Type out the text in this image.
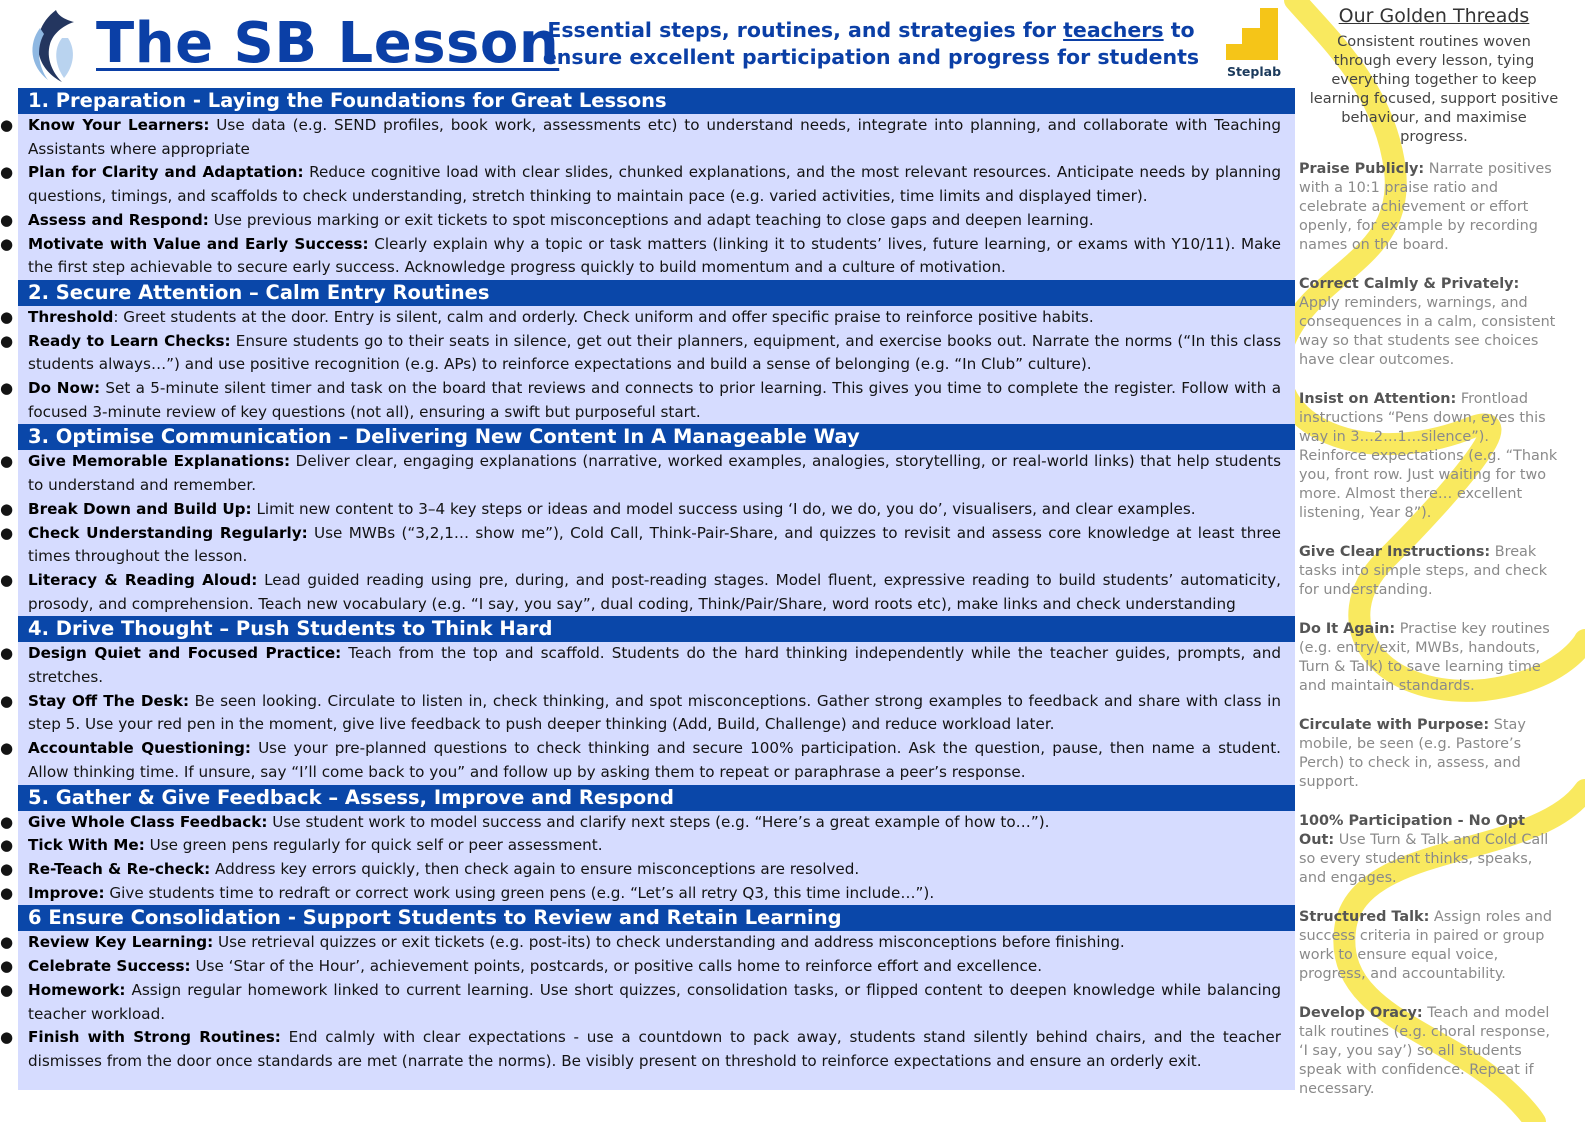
The SB Lesson
Essential steps, routines, and strategies for teachers to ensure excellent participation and progress for students
Steplab
1. Preparation - Laying the Foundations for Great Lessons
● Know Your Learners: Use data (e.g. SEND profiles, book work, assessments etc) to understand needs, integrate into planning, and collaborate with Teaching Assistants where appropriate
● Plan for Clarity and Adaptation: Reduce cognitive load with clear slides, chunked explanations, and the most relevant resources. Anticipate needs by planning questions, timings, and scaffolds to check understanding, stretch thinking to maintain pace (e.g. varied activities, time limits and displayed timer).
● Assess and Respond: Use previous marking or exit tickets to spot misconceptions and adapt teaching to close gaps and deepen learning.
● Motivate with Value and Early Success: Clearly explain why a topic or task matters (linking it to students’ lives, future learning, or exams with Y10/11). Make the first step achievable to secure early success. Acknowledge progress quickly to build momentum and a culture of motivation.
2. Secure Attention – Calm Entry Routines
● Threshold: Greet students at the door. Entry is silent, calm and orderly. Check uniform and offer specific praise to reinforce positive habits.
● Ready to Learn Checks: Ensure students go to their seats in silence, get out their planners, equipment, and exercise books out. Narrate the norms (“In this class students always…”) and use positive recognition (e.g. APs) to reinforce expectations and build a sense of belonging (e.g. “In Club” culture).
● Do Now: Set a 5-minute silent timer and task on the board that reviews and connects to prior learning. This gives you time to complete the register. Follow with a focused 3-minute review of key questions (not all), ensuring a swift but purposeful start.
3. Optimise Communication – Delivering New Content In A Manageable Way
● Give Memorable Explanations: Deliver clear, engaging explanations (narrative, worked examples, analogies, storytelling, or real-world links) that help students to understand and remember.
● Break Down and Build Up: Limit new content to 3–4 key steps or ideas and model success using ‘I do, we do, you do’, visualisers, and clear examples.
● Check Understanding Regularly: Use MWBs (“3,2,1… show me”), Cold Call, Think-Pair-Share, and quizzes to revisit and assess core knowledge at least three times throughout the lesson.
● Literacy & Reading Aloud: Lead guided reading using pre, during, and post-reading stages. Model fluent, expressive reading to build students’ automaticity, prosody, and comprehension. Teach new vocabulary (e.g. “I say, you say”, dual coding, Think/Pair/Share, word roots etc), make links and check understanding
4. Drive Thought – Push Students to Think Hard
● Design Quiet and Focused Practice: Teach from the top and scaffold. Students do the hard thinking independently while the teacher guides, prompts, and stretches.
● Stay Off The Desk: Be seen looking. Circulate to listen in, check thinking, and spot misconceptions. Gather strong examples to feedback and share with class in step 5. Use your red pen in the moment, give live feedback to push deeper thinking (Add, Build, Challenge) and reduce workload later.
● Accountable Questioning: Use your pre-planned questions to check thinking and secure 100% participation. Ask the question, pause, then name a student. Allow thinking time. If unsure, say “I’ll come back to you” and follow up by asking them to repeat or paraphrase a peer’s response.
5. Gather & Give Feedback – Assess, Improve and Respond
● Give Whole Class Feedback: Use student work to model success and clarify next steps (e.g. “Here’s a great example of how to…”).
● Tick With Me: Use green pens regularly for quick self or peer assessment.
● Re-Teach & Re-check: Address key errors quickly, then check again to ensure misconceptions are resolved.
● Improve: Give students time to redraft or correct work using green pens (e.g. “Let’s all retry Q3, this time include…”).
6 Ensure Consolidation - Support Students to Review and Retain Learning
● Review Key Learning: Use retrieval quizzes or exit tickets (e.g. post-its) to check understanding and address misconceptions before finishing.
● Celebrate Success: Use ‘Star of the Hour’, achievement points, postcards, or positive calls home to reinforce effort and excellence.
● Homework: Assign regular homework linked to current learning. Use short quizzes, consolidation tasks, or flipped content to deepen knowledge while balancing teacher workload.
● Finish with Strong Routines: End calmly with clear expectations - use a countdown to pack away, students stand silently behind chairs, and the teacher dismisses from the door once standards are met (narrate the norms). Be visibly present on threshold to reinforce expectations and ensure an orderly exit.
Our Golden Threads
Consistent routines woven through every lesson, tying everything together to keep learning focused, support positive behaviour, and maximise progress.
Praise Publicly: Narrate positives with a 10:1 praise ratio and celebrate achievement or effort openly, for example by recording names on the board.
Correct Calmly & Privately: Apply reminders, warnings, and consequences in a calm, consistent way so that students see choices have clear outcomes.
Insist on Attention: Frontload instructions “Pens down, eyes this way in 3…2…1…silence”). Reinforce expectations (e.g. “Thank you, front row. Just waiting for two more. Almost there… excellent listening, Year 8”).
Give Clear Instructions: Break tasks into simple steps, and check for understanding.
Do It Again: Practise key routines (e.g. entry/exit, MWBs, handouts, Turn & Talk) to save learning time and maintain standards.
Circulate with Purpose: Stay mobile, be seen (e.g. Pastore’s Perch) to check in, assess, and support.
100% Participation - No Opt Out: Use Turn & Talk and Cold Call so every student thinks, speaks, and engages.
Structured Talk: Assign roles and success criteria in paired or group work to ensure equal voice, progress, and accountability.
Develop Oracy: Teach and model talk routines (e.g. choral response, ‘I say, you say’) so all students speak with confidence. Repeat if necessary.
